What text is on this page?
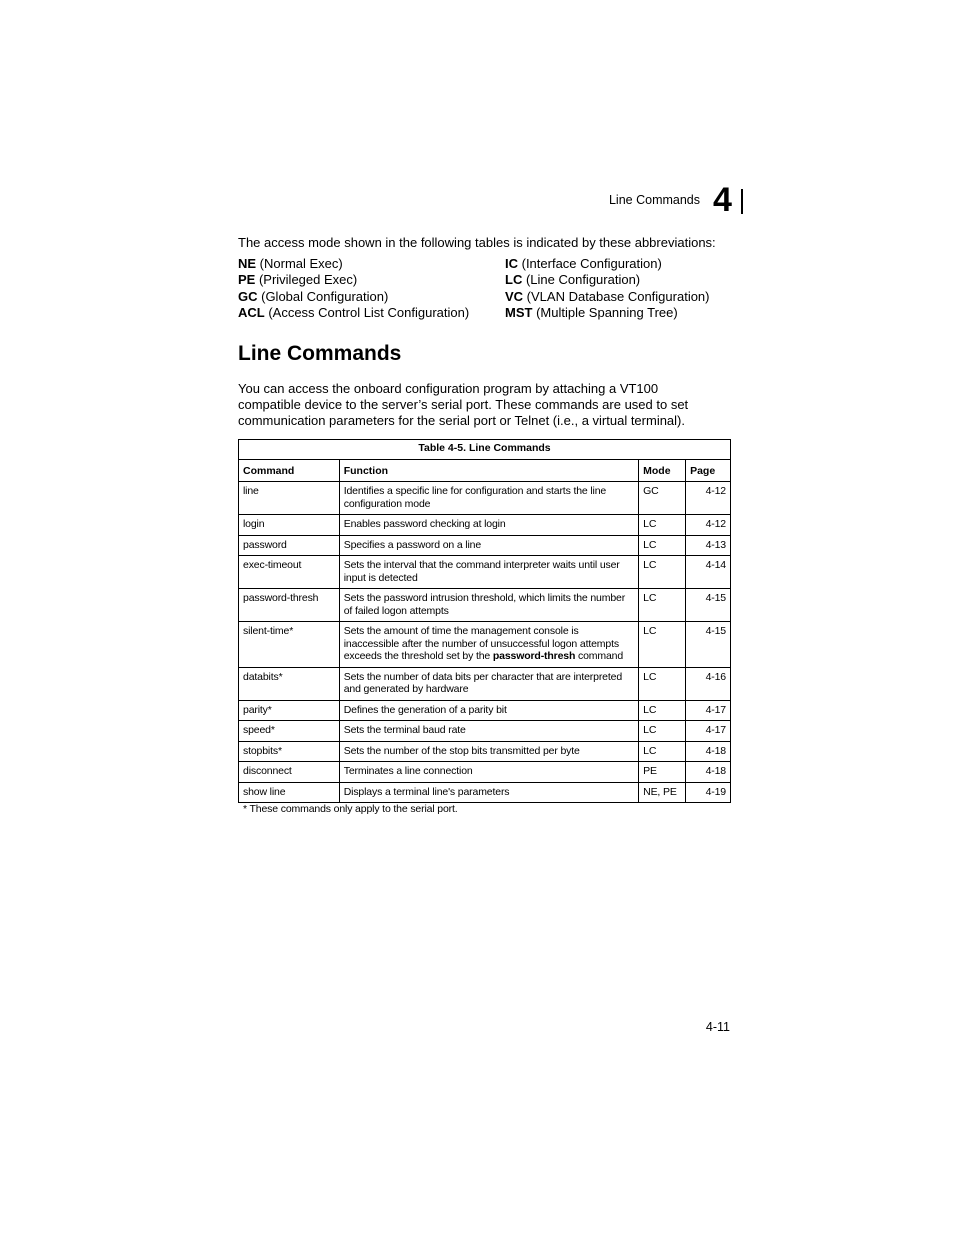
Line Commands 4
The access mode shown in the following tables is indicated by these abbreviations:
NE (Normal Exec)	IC (Interface Configuration)
PE (Privileged Exec)	LC (Line Configuration)
GC (Global Configuration)	VC (VLAN Database Configuration)
ACL (Access Control List Configuration)	MST (Multiple Spanning Tree)
Line Commands
You can access the onboard configuration program by attaching a VT100
compatible device to the server’s serial port. These commands are used to set
communication parameters for the serial port or Telnet (i.e., a virtual terminal).
Table 4-5. Line Commands			
Command	Function	Mode	Page
line	Identifies a specific line for configuration and starts the line configuration mode	GC	4-12
login	Enables password checking at login	LC	4-12
password	Specifies a password on a line	LC	4-13
exec-timeout	Sets the interval that the command interpreter waits until user input is detected	LC	4-14
password-thresh	Sets the password intrusion threshold, which limits the number of failed logon attempts	LC	4-15
silent-time*	Sets the amount of time the management console is inaccessible after the number of unsuccessful logon attempts exceeds the threshold set by the password-thresh command	LC	4-15
databits*	Sets the number of data bits per character that are interpreted and generated by hardware	LC	4-16
parity*	Defines the generation of a parity bit	LC	4-17
speed*	Sets the terminal baud rate	LC	4-17
stopbits*	Sets the number of the stop bits transmitted per byte	LC	4-18
disconnect	Terminates a line connection	PE	4-18
show line	Displays a terminal line's parameters	NE, PE	4-19
* These commands only apply to the serial port.
4-11
